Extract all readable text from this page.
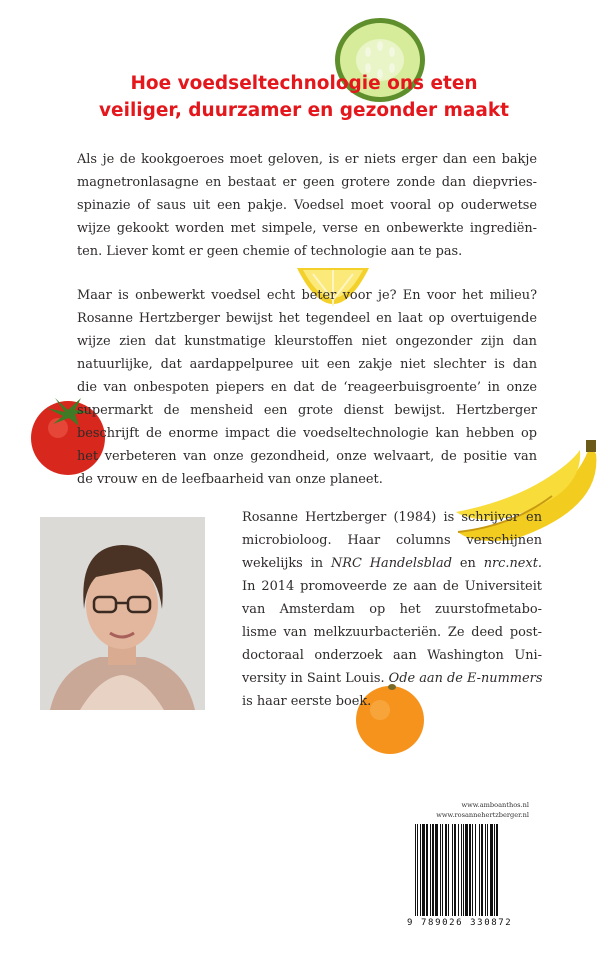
Hoe voedseltechnologie ons eten
veiliger, duurzamer en gezonder maakt

Als je de kookgoeroes moet geloven, is er niets erger dan een bakje
magnetronlasagne en bestaat er geen grotere zonde dan diepvries-
spinazie of saus uit een pakje. Voedsel moet vooral op ouderwetse
wijze gekookt worden met simpele, verse en onbewerkte ingrediën-
ten. Liever komt er geen chemie of technologie aan te pas.

Maar is onbewerkt voedsel echt beter voor je? En voor het milieu?
Rosanne Hertzberger bewijst het tegendeel en laat op overtuigende
wijze zien dat kunstmatige kleurstoffen niet ongezonder zijn dan
natuurlijke, dat aardappelpuree uit een zakje niet slechter is dan
die van onbespoten piepers en dat de ‘reageerbuisgroente’ in onze
supermarkt de mensheid een grote dienst bewijst. Hertzberger
beschrijft de enorme impact die voedseltechnologie kan hebben op
het verbeteren van onze gezondheid, onze welvaart, de positie van
de vrouw en de leefbaarheid van onze planeet.

Rosanne Hertzberger (1984) is schrijver en
microbioloog. Haar columns verschijnen
wekelijks in NRC Handelsblad en nrc.next.
In 2014 promoveerde ze aan de Universiteit
van Amsterdam op het zuurstofmetabo-
lisme van melkzuurbacteriën. Ze deed post-
doctoraal onderzoek aan Washington Uni-
versity in Saint Louis. Ode aan de E-nummers
is haar eerste boek.

www.amboanthos.nl
www.rosannehertzberger.nl
9 789026 330872
